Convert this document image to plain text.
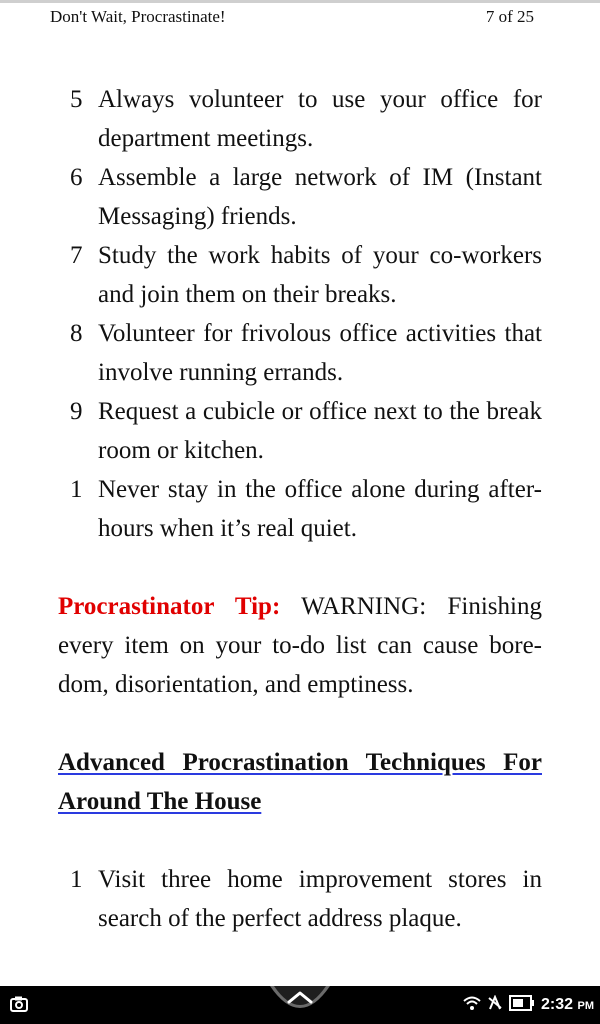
Don't Wait, Procrastinate!	7 of 25
5 Always volunteer to use your office for department meetings.
6 Assemble a large network of IM (Instant Messaging) friends.
7 Study the work habits of your co-workers and join them on their breaks.
8 Volunteer for frivolous office activities that involve running errands.
9 Request a cubicle or office next to the break room or kitchen.
1 Never stay in the office alone during after-hours when it’s real quiet.
Procrastinator Tip: WARNING: Finishing every item on your to-do list can cause boredom, disorientation, and emptiness.
Advanced Procrastination Techniques For Around The House
1 Visit three home improvement stores in search of the perfect address plaque.
2:32 PM
